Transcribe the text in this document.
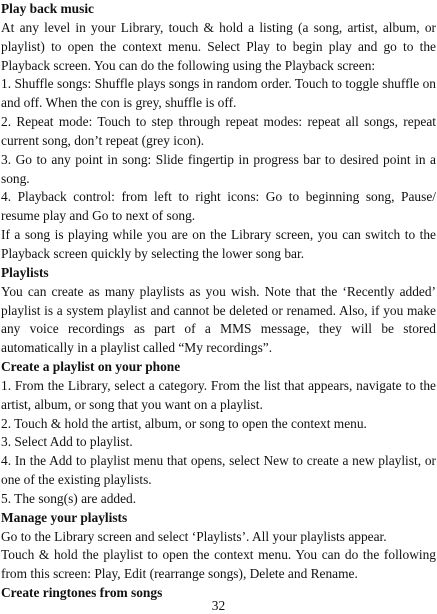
Play back music
At any level in your Library, touch & hold a listing (a song, artist, album, or playlist) to open the context menu. Select Play to begin play and go to the Playback screen. You can do the following using the Playback screen:
1. Shuffle songs: Shuffle plays songs in random order. Touch to toggle shuffle on and off. When the con is grey, shuffle is off.
2. Repeat mode: Touch to step through repeat modes: repeat all songs, repeat current song, don’t repeat (grey icon).
3. Go to any point in song: Slide fingertip in progress bar to desired point in a song.
4. Playback control: from left to right icons: Go to beginning song, Pause/ resume play and Go to next of song.
If a song is playing while you are on the Library screen, you can switch to the Playback screen quickly by selecting the lower song bar.
Playlists
You can create as many playlists as you wish. Note that the ‘Recently added’ playlist is a system playlist and cannot be deleted or renamed. Also, if you make any voice recordings as part of a MMS message, they will be stored automatically in a playlist called “My recordings”.
Create a playlist on your phone
1. From the Library, select a category. From the list that appears, navigate to the artist, album, or song that you want on a playlist.
2. Touch & hold the artist, album, or song to open the context menu.
3. Select Add to playlist.
4. In the Add to playlist menu that opens, select New to create a new playlist, or one of the existing playlists.
5. The song(s) are added.
Manage your playlists
Go to the Library screen and select ‘Playlists’. All your playlists appear.
Touch & hold the playlist to open the context menu. You can do the following from this screen: Play, Edit (rearrange songs), Delete and Rename.
Create ringtones from songs
32
